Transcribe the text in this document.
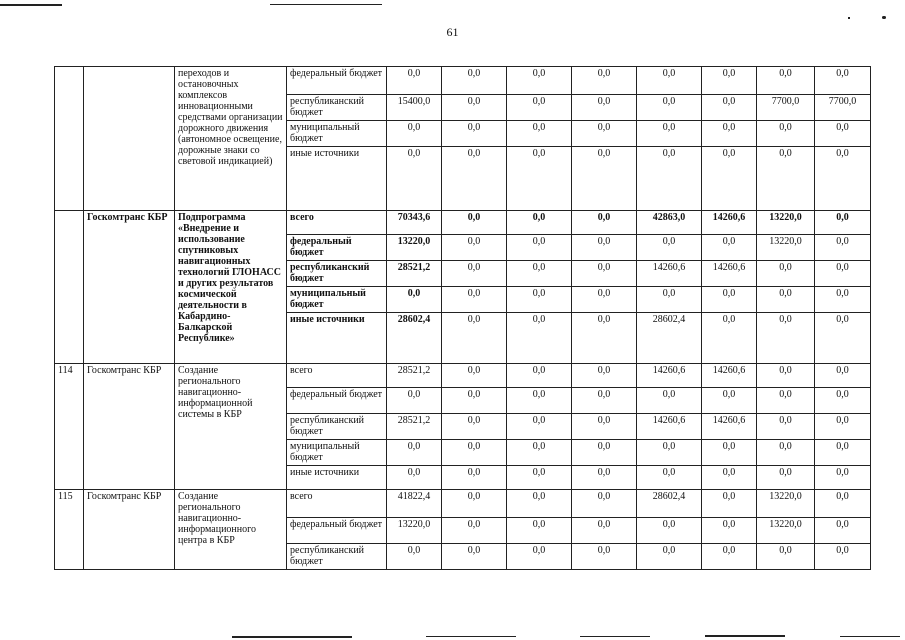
61
		переходов и остановочных комплексов инновационными средствами организации дорожного движения (автономное освещение, дорожные знаки со световой индикацией)	федеральный бюджет	0,0	0,0	0,0	0,0	0,0	0,0	0,0	0,0
			республиканский бюджет	15400,0	0,0	0,0	0,0	0,0	0,0	7700,0	7700,0
			муниципальный бюджет	0,0	0,0	0,0	0,0	0,0	0,0	0,0	0,0
			иные источники	0,0	0,0	0,0	0,0	0,0	0,0	0,0	0,0
	Госкомтранс КБР	Подпрограмма «Внедрение и использование спутниковых навигационных технологий ГЛОНАСС и других результатов космической деятельности в Кабардино-Балкарской Республике»	всего	70343,6	0,0	0,0	0,0	42863,0	14260,6	13220,0	0,0
			федеральный бюджет	13220,0	0,0	0,0	0,0	0,0	0,0	13220,0	0,0
			республиканский бюджет	28521,2	0,0	0,0	0,0	14260,6	14260,6	0,0	0,0
			муниципальный бюджет	0,0	0,0	0,0	0,0	0,0	0,0	0,0	0,0
			иные источники	28602,4	0,0	0,0	0,0	28602,4	0,0	0,0	0,0
114	Госкомтранс КБР	Создание регионального навигационно-информационной системы в КБР	всего	28521,2	0,0	0,0	0,0	14260,6	14260,6	0,0	0,0
			федеральный бюджет	0,0	0,0	0,0	0,0	0,0	0,0	0,0	0,0
			республиканский бюджет	28521,2	0,0	0,0	0,0	14260,6	14260,6	0,0	0,0
			муниципальный бюджет	0,0	0,0	0,0	0,0	0,0	0,0	0,0	0,0
			иные источники	0,0	0,0	0,0	0,0	0,0	0,0	0,0	0,0
115	Госкомтранс КБР	Создание регионального навигационно-информационного центра в КБР	всего	41822,4	0,0	0,0	0,0	28602,4	0,0	13220,0	0,0
			федеральный бюджет	13220,0	0,0	0,0	0,0	0,0	0,0	13220,0	0,0
			республиканский бюджет	0,0	0,0	0,0	0,0	0,0	0,0	0,0	0,0
